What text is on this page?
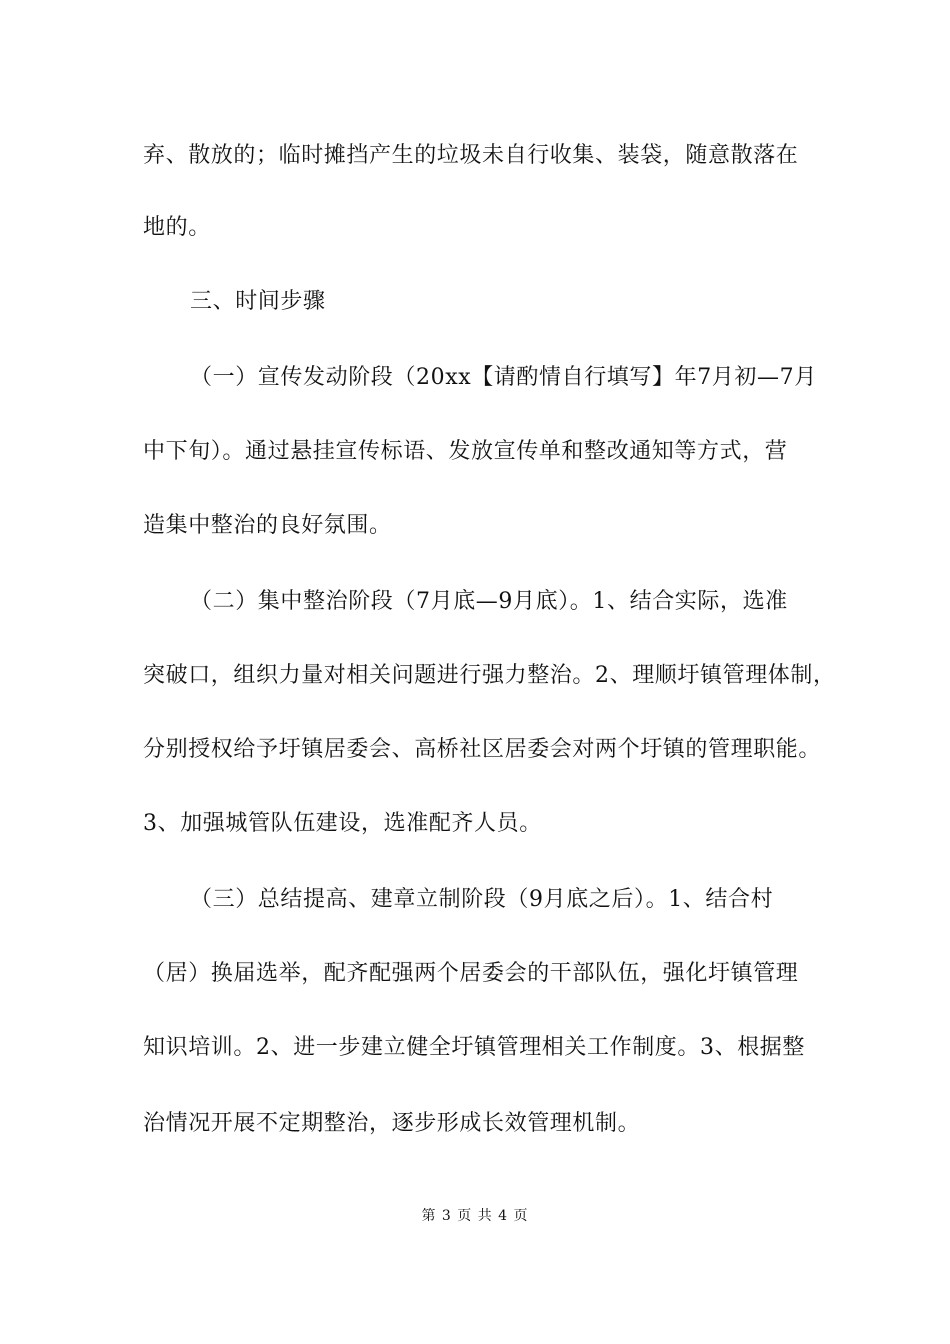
弃、散放的；临时摊挡产生的垃圾未自行收集、装袋，随意散落在
地的。
三、时间步骤
（一）宣传发动阶段（20xx【请酌情自行填写】年7月初—7月
中下旬）。通过悬挂宣传标语、发放宣传单和整改通知等方式，营
造集中整治的良好氛围。
（二）集中整治阶段（7月底—9月底）。1、结合实际，选准
突破口，组织力量对相关问题进行强力整治。2、理顺圩镇管理体制，
分别授权给予圩镇居委会、高桥社区居委会对两个圩镇的管理职能。
3、加强城管队伍建设，选准配齐人员。
（三）总结提高、建章立制阶段（9月底之后）。1、结合村
（居）换届选举，配齐配强两个居委会的干部队伍，强化圩镇管理
知识培训。2、进一步建立健全圩镇管理相关工作制度。3、根据整
治情况开展不定期整治，逐步形成长效管理机制。
第 3 页 共 4 页
